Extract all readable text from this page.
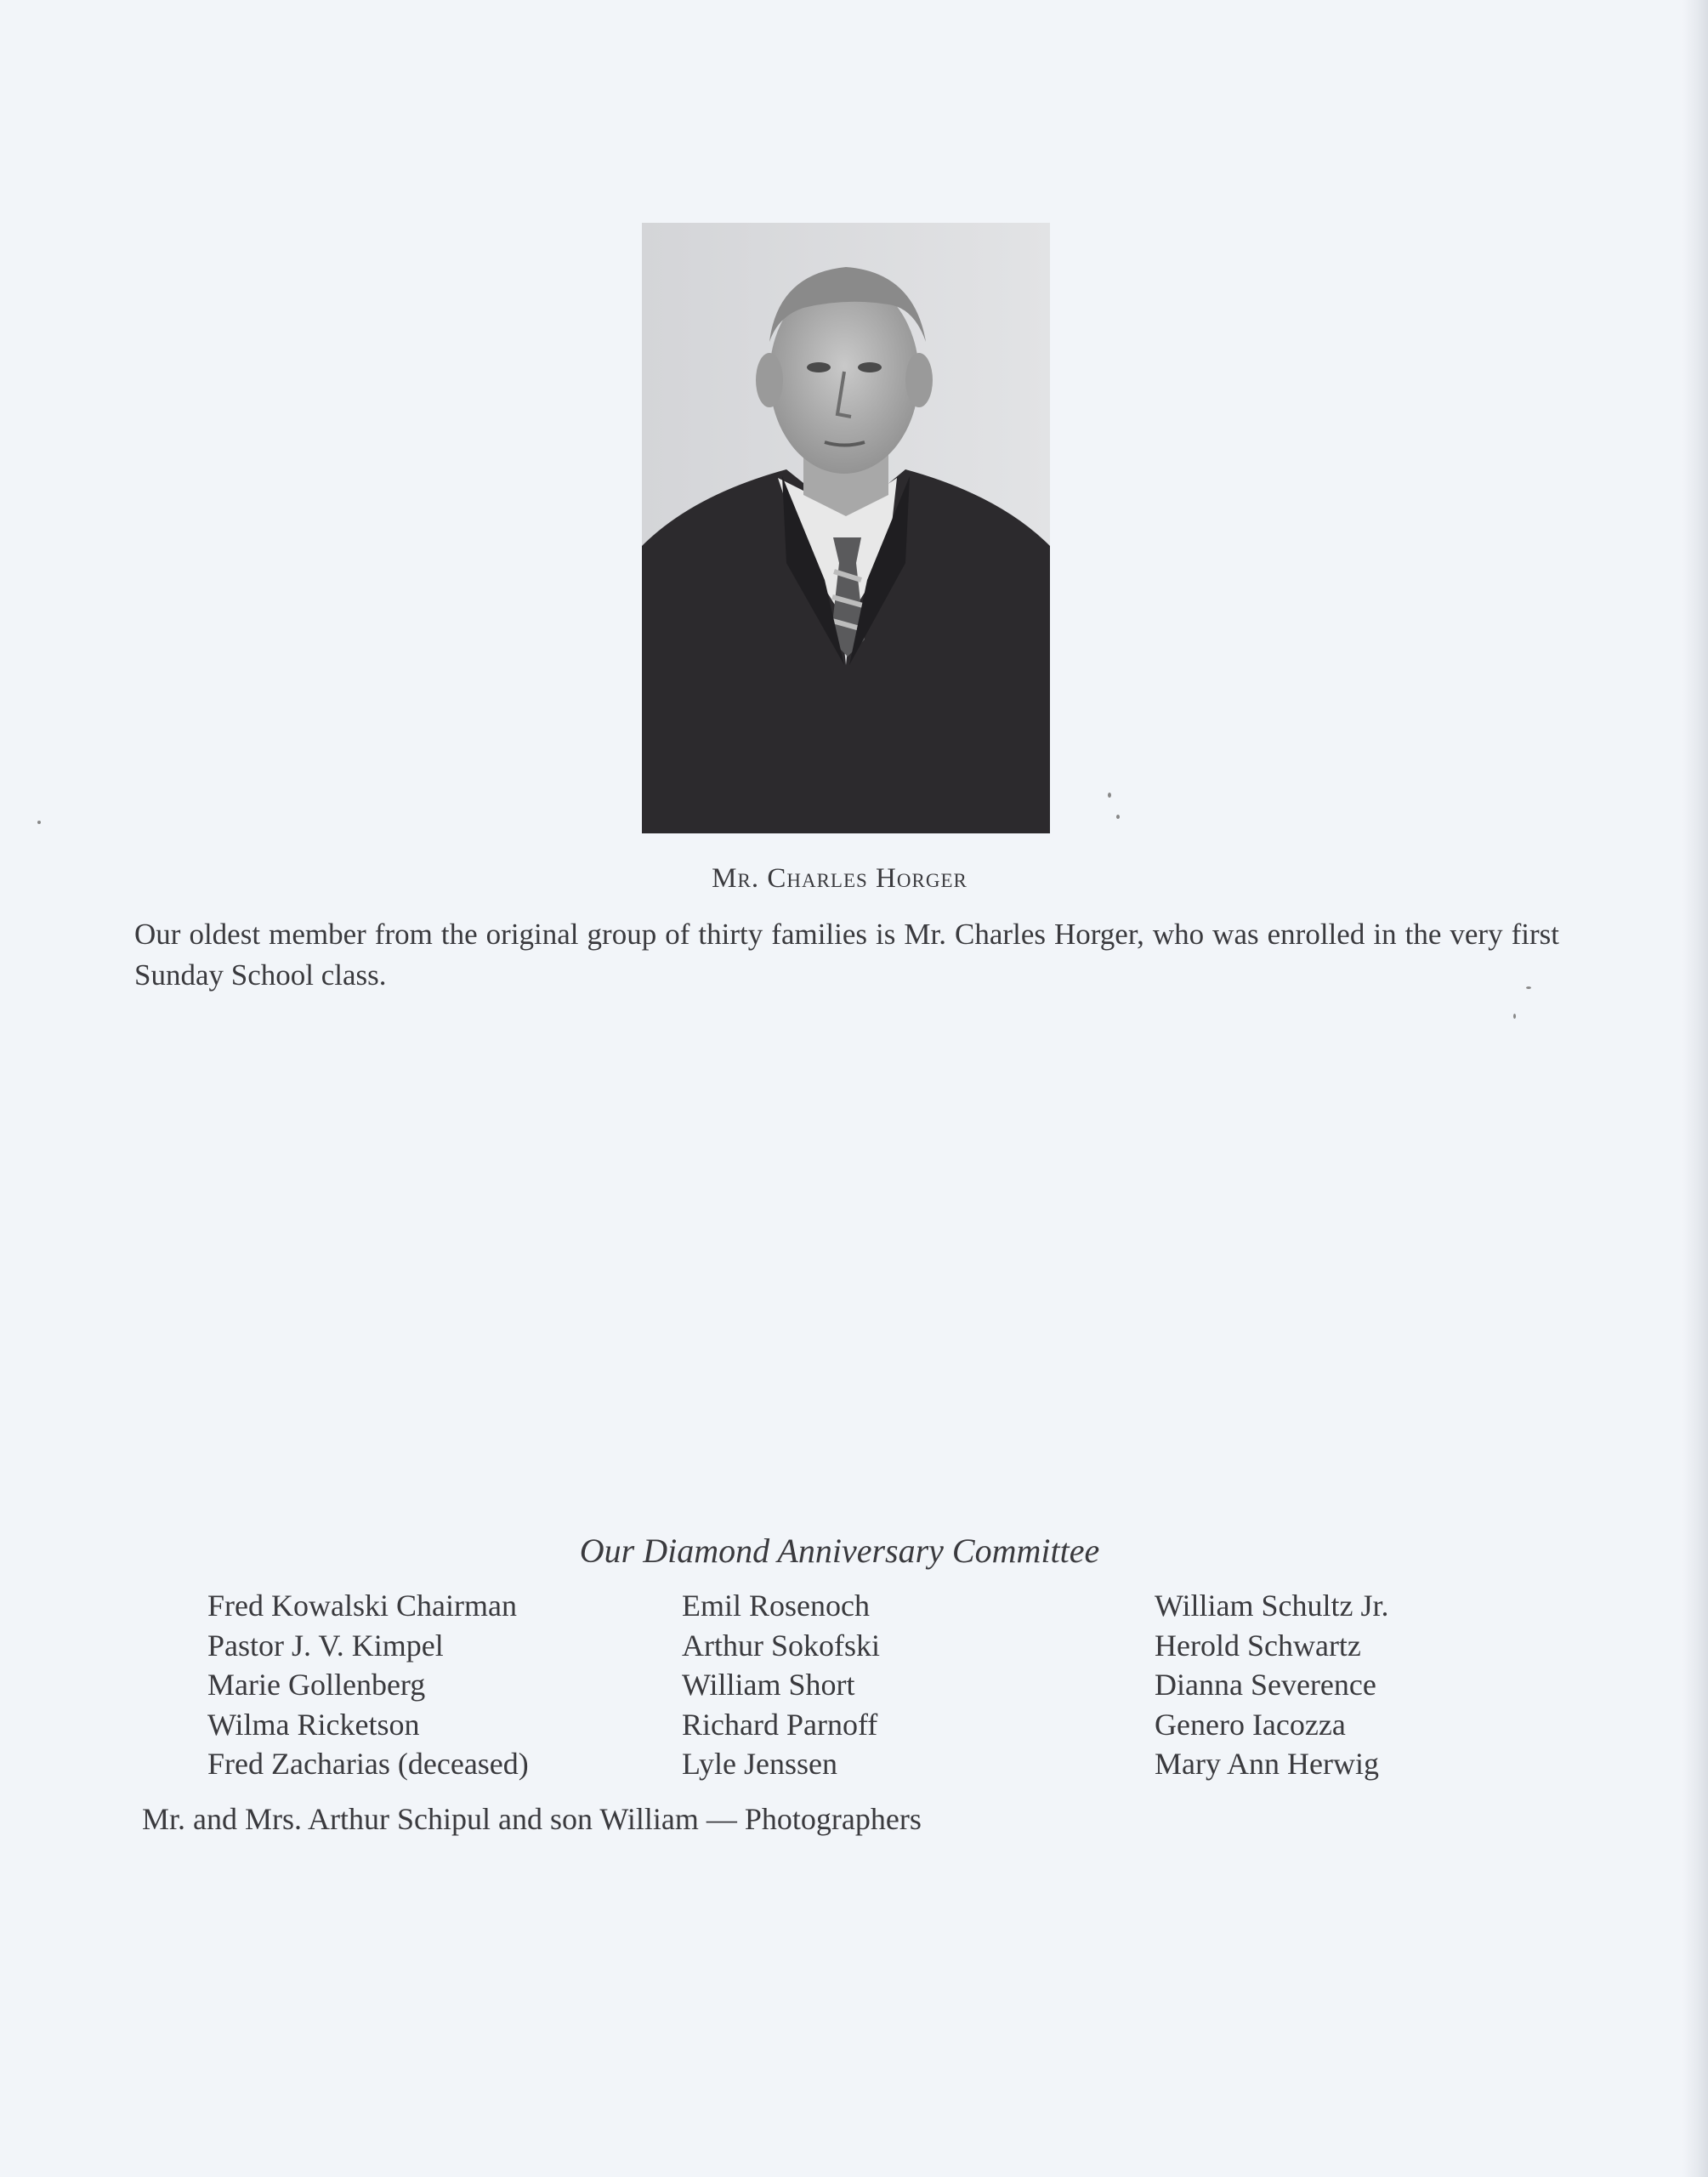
Mr. Charles Horger
Our oldest member from the original group of thirty families is Mr. Charles Horger, who was enrolled in the very first Sunday School class.
Our Diamond Anniversary Committee
Fred Kowalski Chairman
Pastor J. V. Kimpel
Marie Gollenberg
Wilma Ricketson
Fred Zacharias (deceased)
Emil Rosenoch
Arthur Sokofski
William Short
Richard Parnoff
Lyle Jenssen
William Schultz Jr.
Herold Schwartz
Dianna Severence
Genero Iacozza
Mary Ann Herwig
Mr. and Mrs. Arthur Schipul and son William — Photographers
